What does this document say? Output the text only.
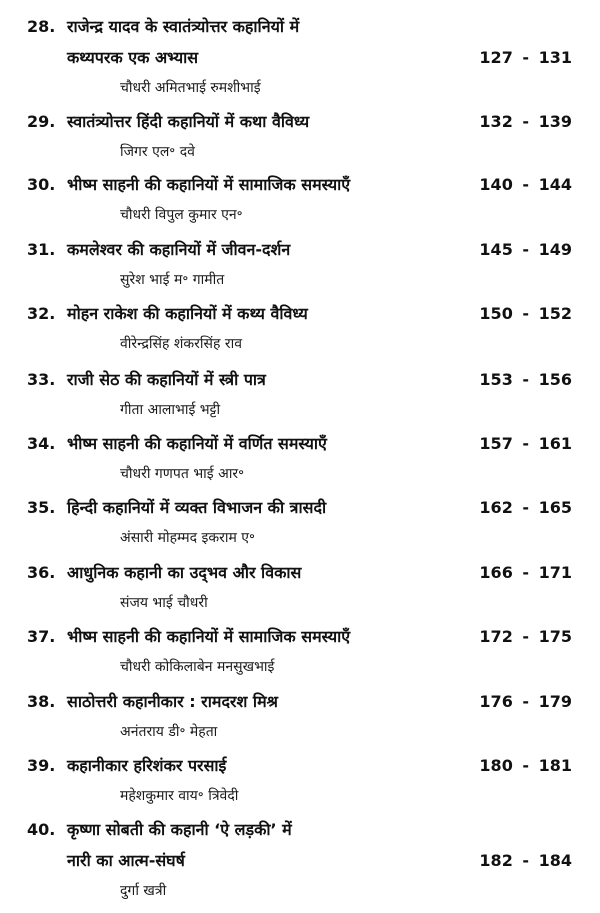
28. राजेन्द्र यादव के स्वातंत्र्योत्तर कहानियों में
कथ्यपरक एक अभ्यास	127 - 131
चौधरी अमितभाई रुमशीभाई
29. स्वातंत्र्योत्तर हिंदी कहानियों में कथा वैविध्य	132 - 139
जिगर एल॰ दवे
30. भीष्म साहनी की कहानियों में सामाजिक समस्याएँ	140 - 144
चौधरी विपुल कुमार एन॰
31. कमलेश्वर की कहानियों में जीवन-दर्शन	145 - 149
सुरेश भाई म॰ गामीत
32. मोहन राकेश की कहानियों में कथ्य वैविध्य	150 - 152
वीरेन्द्रसिंह शंकरसिंह राव
33. राजी सेठ की कहानियों में स्त्री पात्र	153 - 156
गीता आलाभाई भट्टी
34. भीष्म साहनी की कहानियों में वर्णित समस्याएँ	157 - 161
चौधरी गणपत भाई आर॰
35. हिन्दी कहानियों में व्यक्त विभाजन की त्रासदी	162 - 165
अंसारी मोहम्मद इकराम ए॰
36. आधुनिक कहानी का उद्‌भव और विकास	166 - 171
संजय भाई चौधरी
37. भीष्म साहनी की कहानियों में सामाजिक समस्याएँ	172 - 175
चौधरी कोकिलाबेन मनसुखभाई
38. साठोत्तरी कहानीकार : रामदरश मिश्र	176 - 179
अनंतराय डी॰ मेहता
39. कहानीकार हरिशंकर परसाई	180 - 181
महेशकुमार वाय॰ त्रिवेदी
40. कृष्णा सोबती की कहानी ‘ऐ लड़की’ में
नारी का आत्म-संघर्ष	182 - 184
दुर्गा खत्री
